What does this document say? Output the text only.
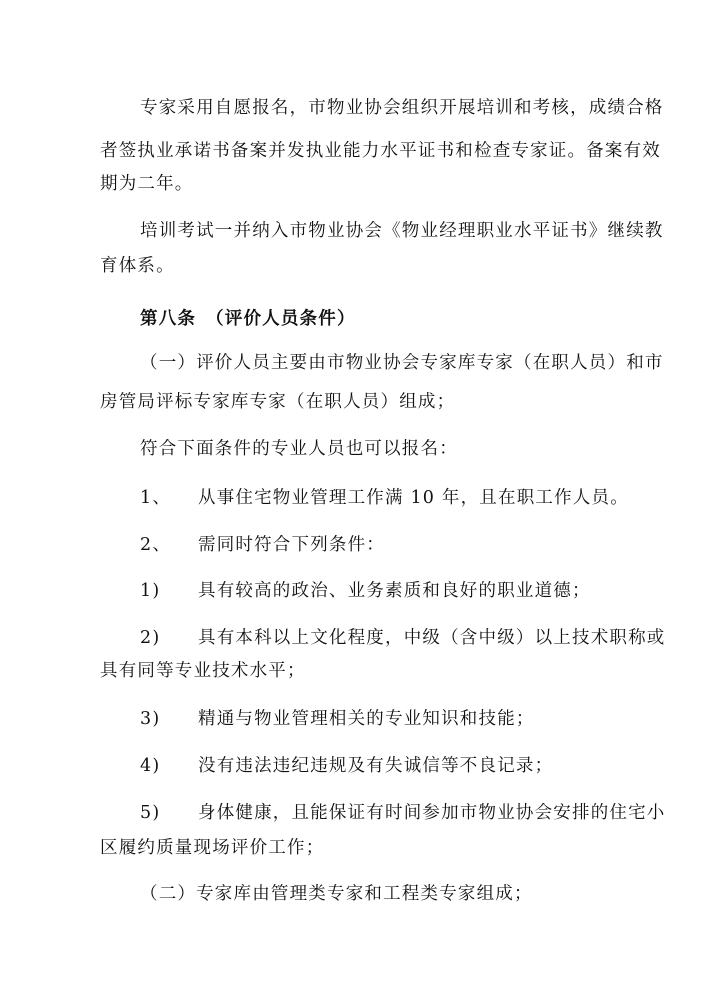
专家采用自愿报名，市物业协会组织开展培训和考核，成绩合格

者签执业承诺书备案并发执业能力水平证书和检查专家证。备案有效

期为二年。

培训考试一并纳入市物业协会《物业经理职业水平证书》继续教

育体系。

第八条　（评价人员条件）

（一）评价人员主要由市物业协会专家库专家（在职人员）和市

房管局评标专家库专家（在职人员）组成；

符合下面条件的专业人员也可以报名：

1、 从事住宅物业管理工作满 10 年，且在职工作人员。

2、 需同时符合下列条件：

1) 具有较高的政治、业务素质和良好的职业道德；

2) 具有本科以上文化程度，中级（含中级）以上技术职称或

具有同等专业技术水平；

3) 精通与物业管理相关的专业知识和技能；

4) 没有违法违纪违规及有失诚信等不良记录；

5) 身体健康，且能保证有时间参加市物业协会安排的住宅小

区履约质量现场评价工作；

（二）专家库由管理类专家和工程类专家组成；
